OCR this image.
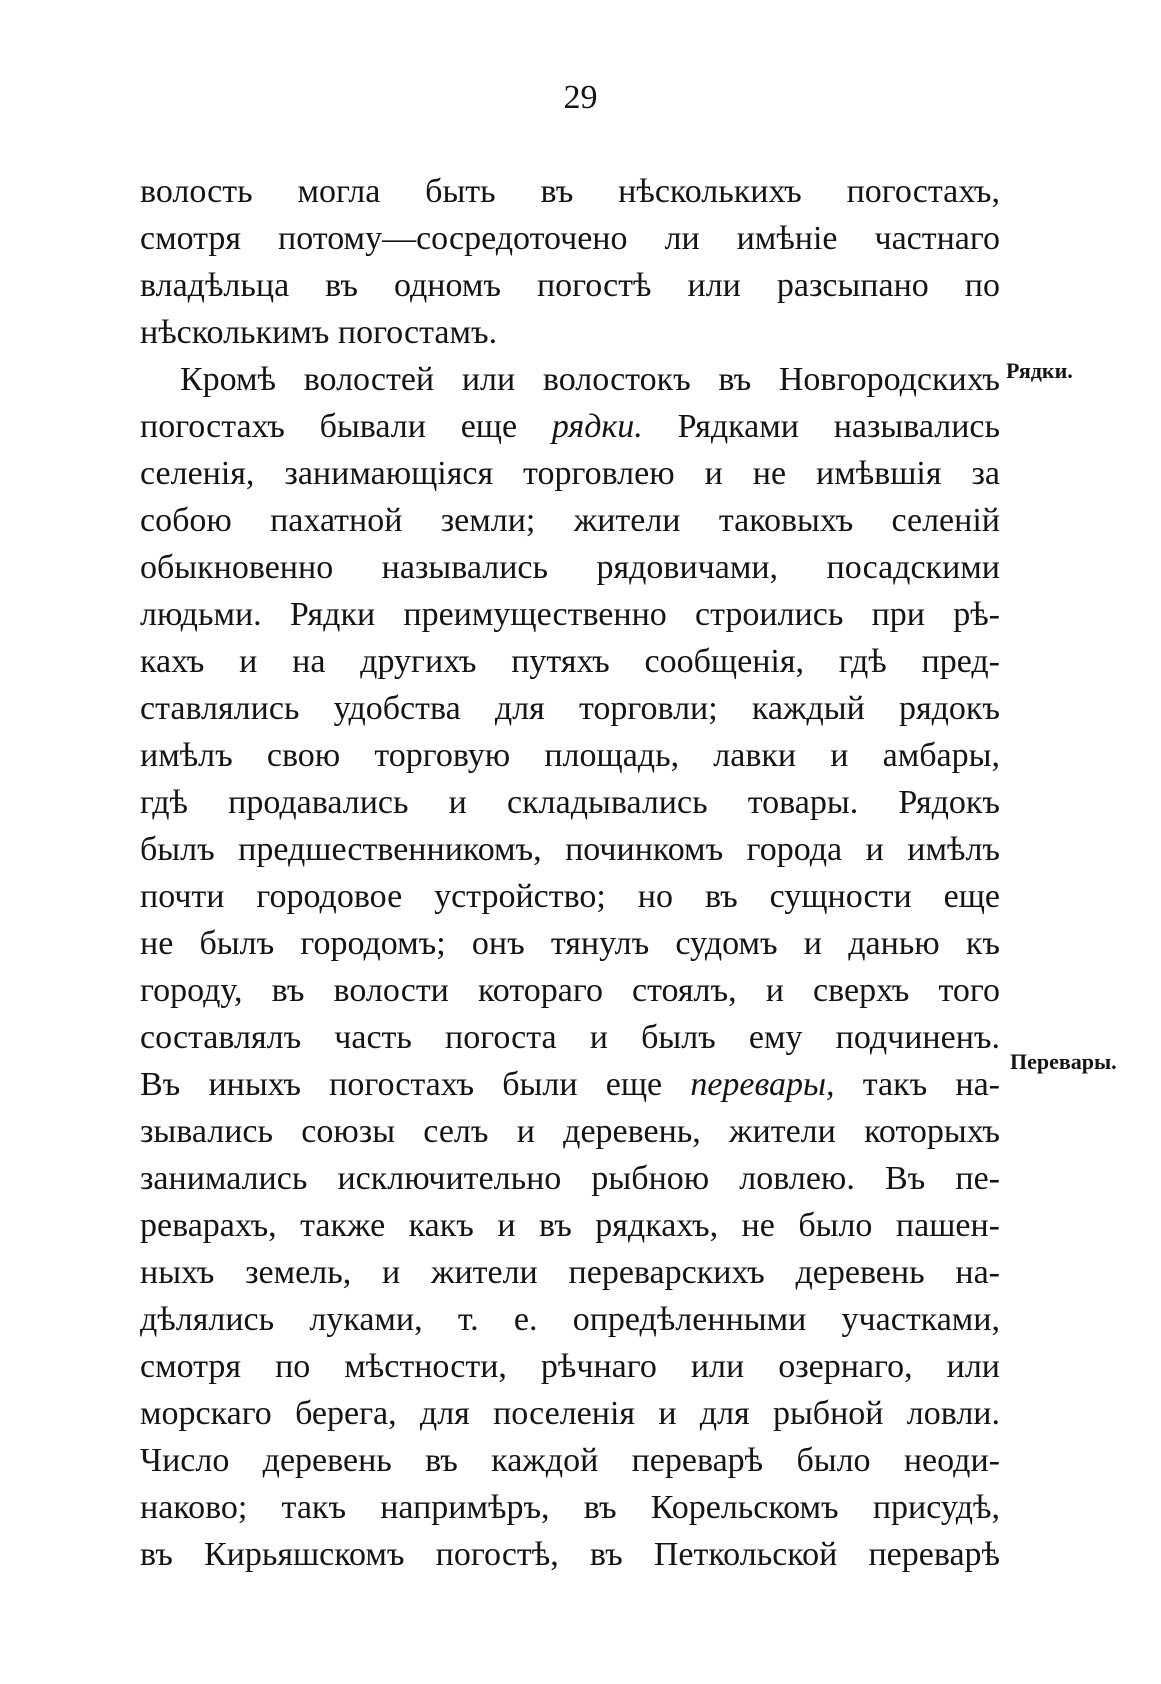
29
волость могла быть въ нѣсколькихъ погостахъ,
смотря потому—сосредоточено ли имѣніе частнаго
владѣльца въ одномъ погостѣ или разсыпано по
нѣсколькимъ погостамъ.
Кромѣ волостей или волостокъ въ Новгородскихъ
погостахъ бывали еще рядки. Рядками назывались
селенія, занимающіяся торговлею и не имѣвшія за
собою пахатной земли; жители таковыхъ селеній
обыкновенно назывались рядовичами, посадскими
людьми. Рядки преимущественно строились при рѣ-
кахъ и на другихъ путяхъ сообщенія, гдѣ пред-
ставлялись удобства для торговли; каждый рядокъ
имѣлъ свою торговую площадь, лавки и амбары,
гдѣ продавались и складывались товары. Рядокъ
былъ предшественникомъ, починкомъ города и имѣлъ
почти городовое устройство; но въ сущности еще
не былъ городомъ; онъ тянулъ судомъ и данью къ
городу, въ волости котораго стоялъ, и сверхъ того
составлялъ часть погоста и былъ ему подчиненъ.
Въ иныхъ погостахъ были еще перевары, такъ на-
зывались союзы селъ и деревень, жители которыхъ
занимались исключительно рыбною ловлею. Въ пе-
реварахъ, также какъ и въ рядкахъ, не было пашен-
ныхъ земель, и жители переварскихъ деревень на-
дѣлялись луками, т. е. опредѣленными участками,
смотря по мѣстности, рѣчнаго или озернаго, или
морскаго берега, для поселенія и для рыбной ловли.
Число деревень въ каждой переварѣ было неоди-
наково; такъ напримѣръ, въ Корельскомъ присудѣ,
въ Кирьяшскомъ погостѣ, въ Петкольской переварѣ
Рядки.
Перевары.
